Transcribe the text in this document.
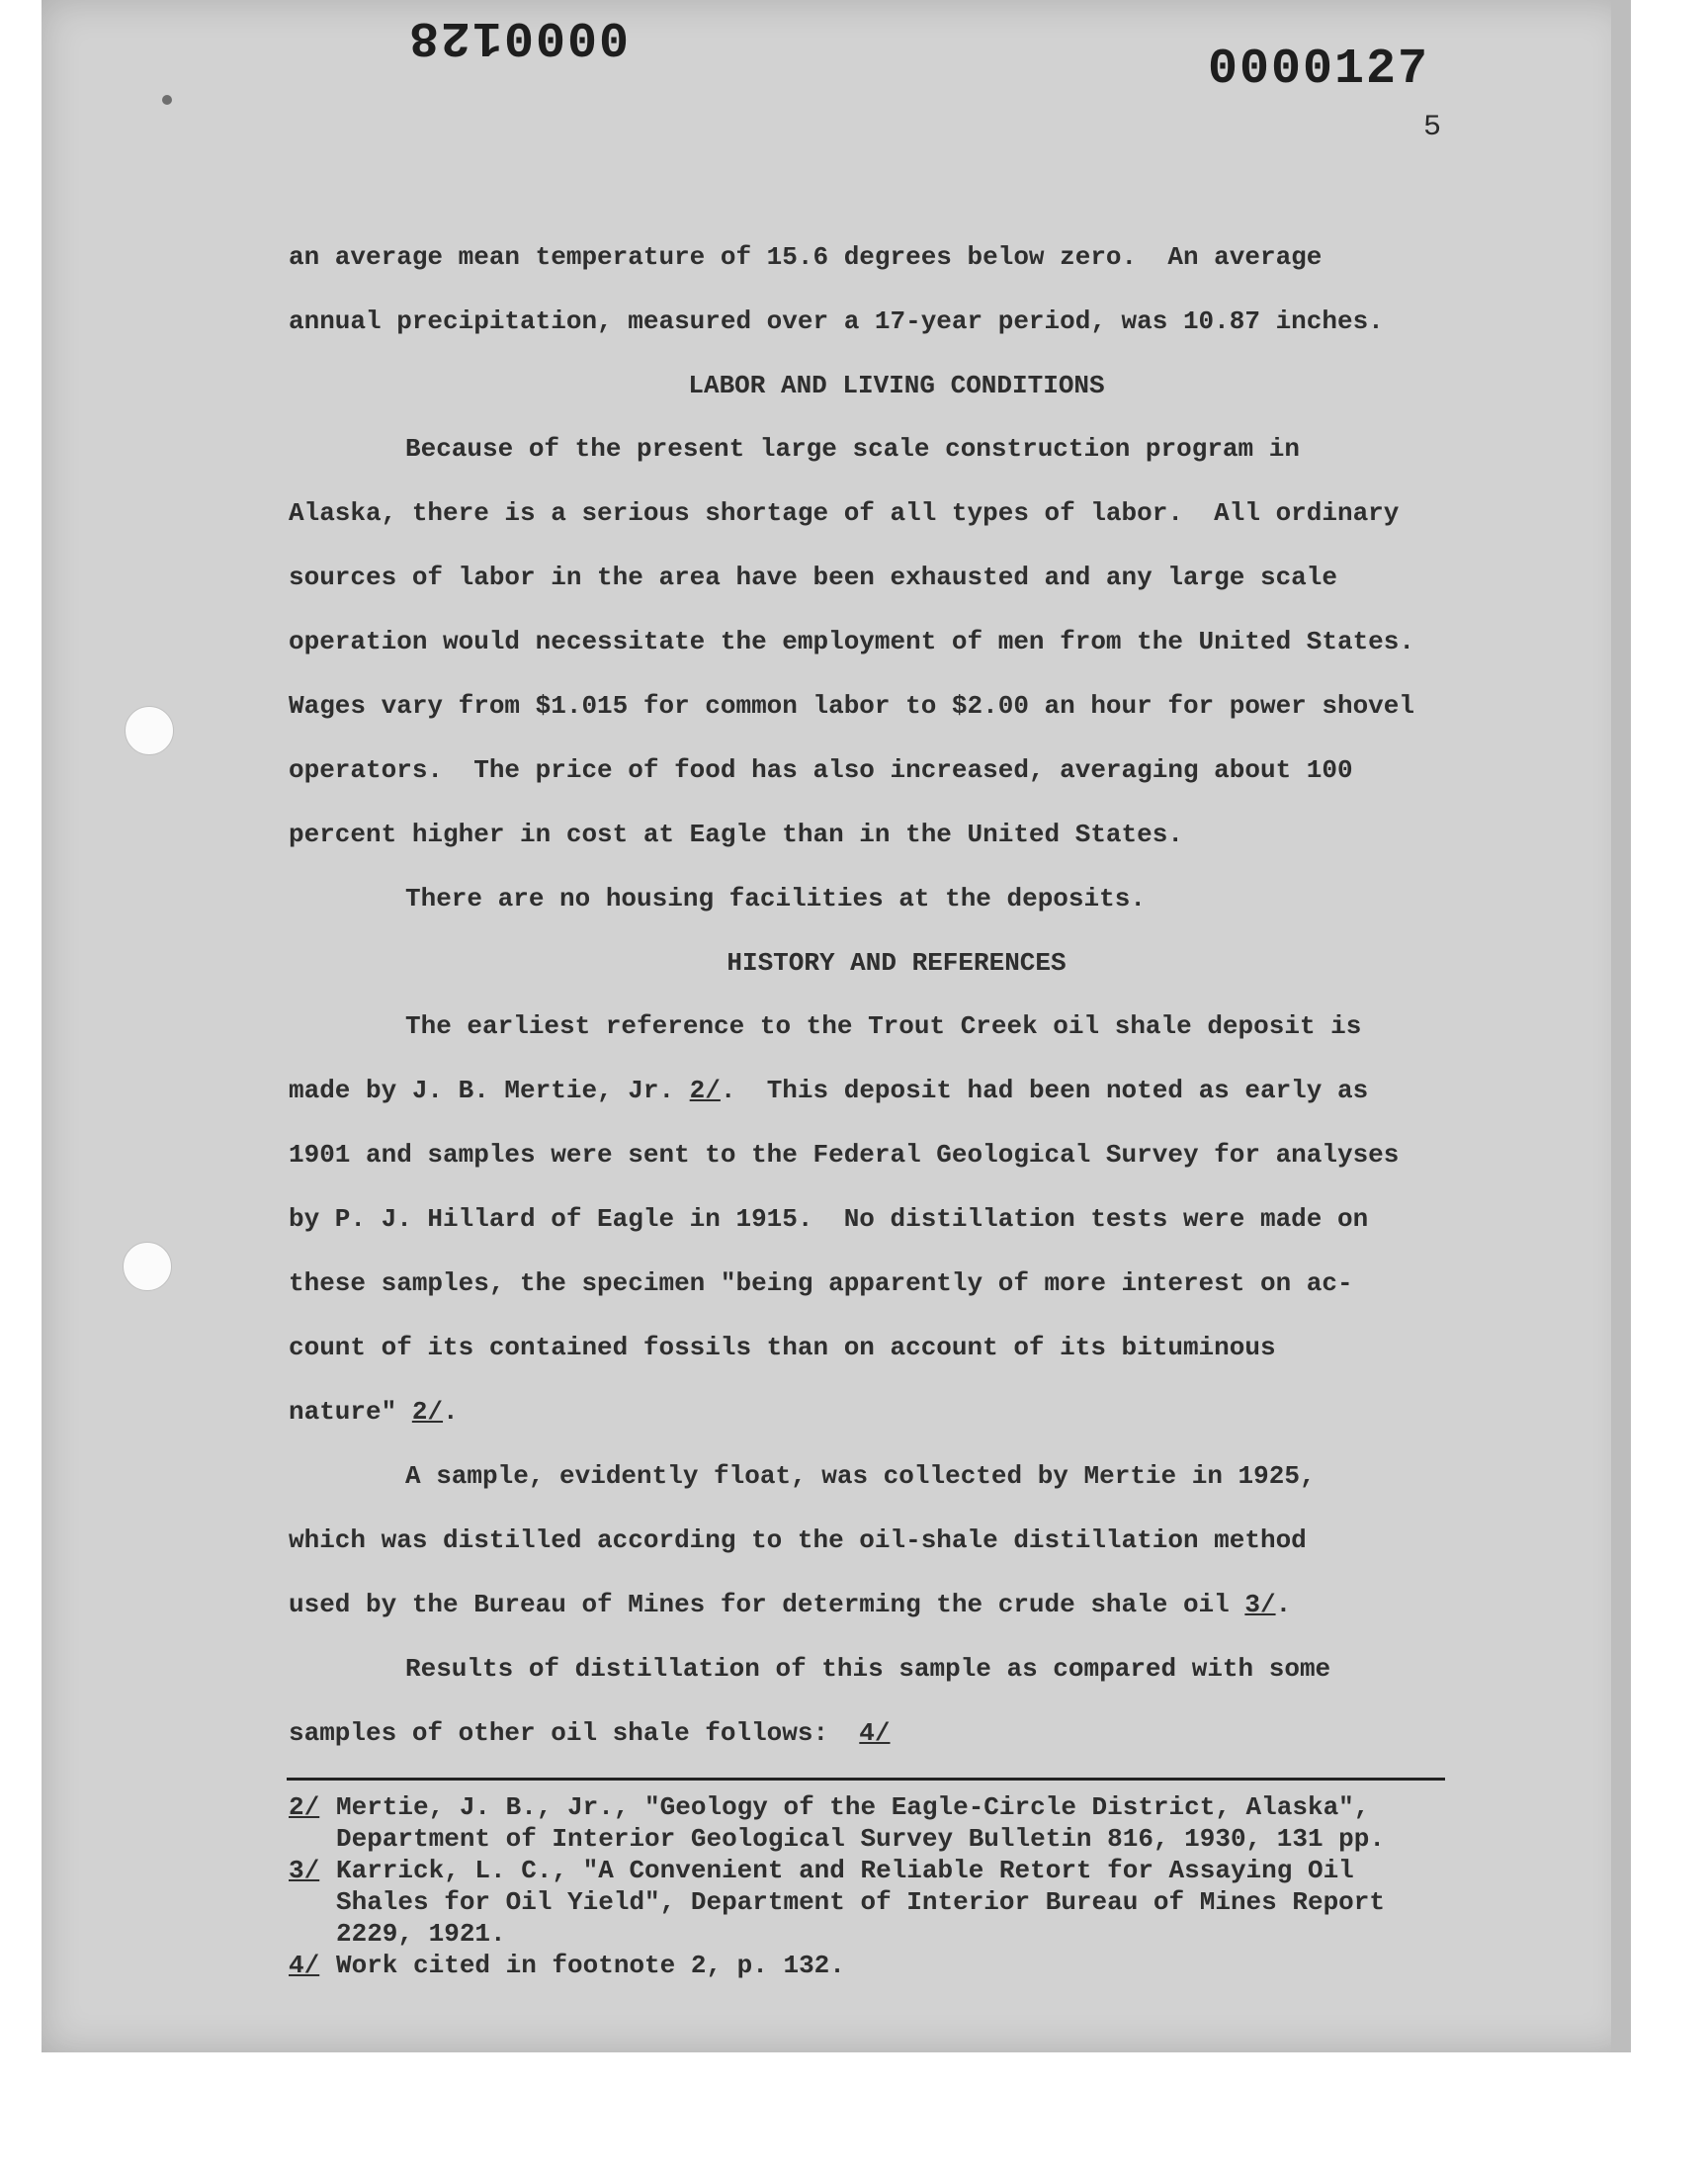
0000128
0000127
5
an average mean temperature of 15.6 degrees below zero.  An average
annual precipitation, measured over a 17-year period, was 10.87 inches.
LABOR AND LIVING CONDITIONS
Because of the present large scale construction program in
Alaska, there is a serious shortage of all types of labor.  All ordinary
sources of labor in the area have been exhausted and any large scale
operation would necessitate the employment of men from the United States.
Wages vary from $1.015 for common labor to $2.00 an hour for power shovel
operators.  The price of food has also increased, averaging about 100
percent higher in cost at Eagle than in the United States.
There are no housing facilities at the deposits.
HISTORY AND REFERENCES
The earliest reference to the Trout Creek oil shale deposit is
made by J. B. Mertie, Jr. 2/.  This deposit had been noted as early as
1901 and samples were sent to the Federal Geological Survey for analyses
by P. J. Hillard of Eagle in 1915.  No distillation tests were made on
these samples, the specimen "being apparently of more interest on ac-
count of its contained fossils than on account of its bituminous
nature" 2/.
A sample, evidently float, was collected by Mertie in 1925,
which was distilled according to the oil-shale distillation method
used by the Bureau of Mines for determing the crude shale oil 3/.
Results of distillation of this sample as compared with some
samples of other oil shale follows:  4/
2/ Mertie, J. B., Jr., "Geology of the Eagle-Circle District, Alaska",
Department of Interior Geological Survey Bulletin 816, 1930, 131 pp.
3/ Karrick, L. C., "A Convenient and Reliable Retort for Assaying Oil
Shales for Oil Yield", Department of Interior Bureau of Mines Report
2229, 1921.
4/ Work cited in footnote 2, p. 132.
